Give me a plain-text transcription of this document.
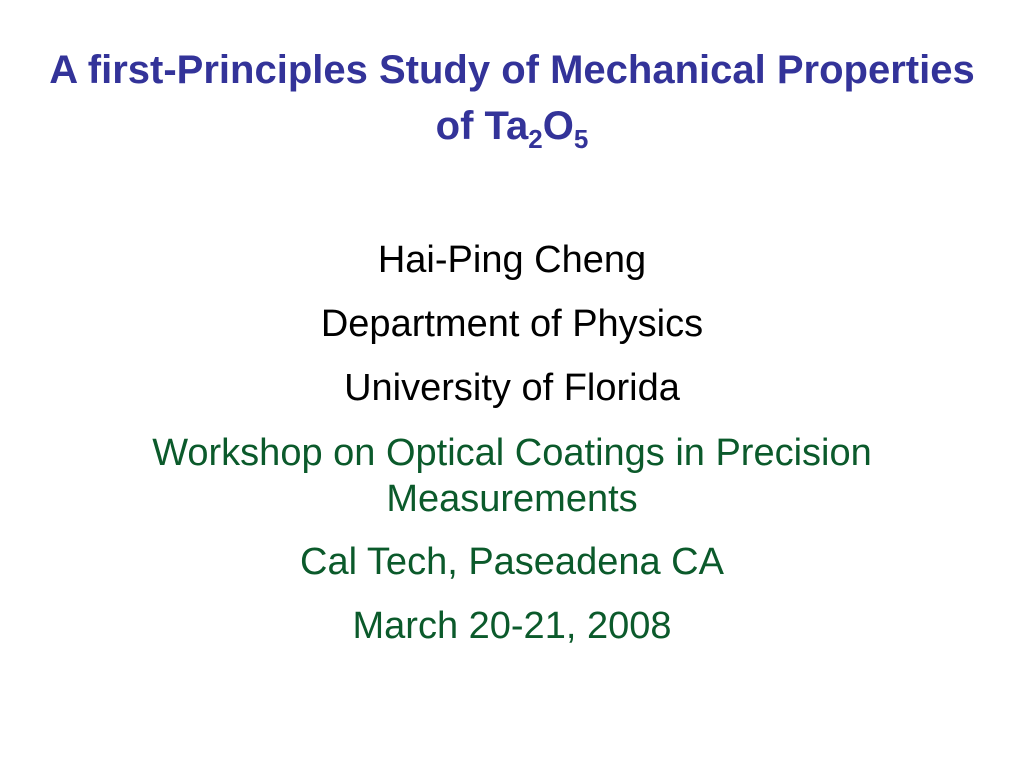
A first-Principles Study of Mechanical Properties of $Ta_2O_5$
Hai-Ping Cheng
Department of Physics
University of Florida
Workshop on Optical Coatings in Precision Measurements
Cal Tech, Paseadena CA
March 20-21, 2008
